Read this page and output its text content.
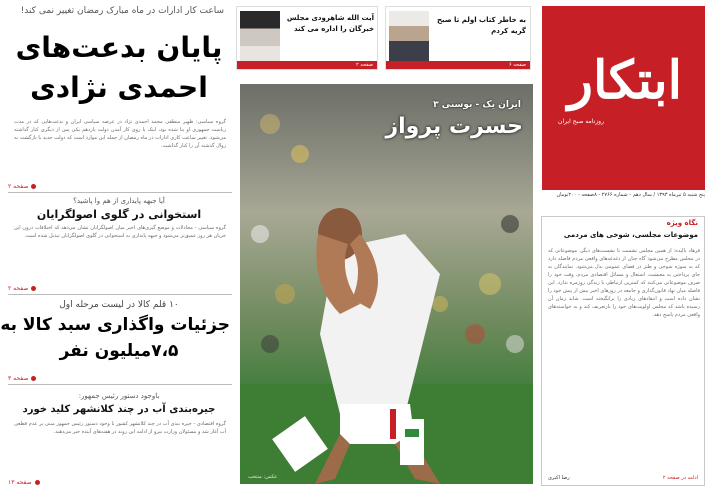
ساعت کار ادارات در ماه مبارک رمضان تغییر نمی کند!
آیت الله شاهرودی مجلس خبرگان را اداره می کند
صفحه ۲
به خاطر کتاب اولم تا صبح گریه کردم
صفحه ۶ ابتکار
روزنامه صبح ایران
پنج شنبه ۵ تیرماه ۱۳۹۳ / سال دهم - شماره ۲۷۶۶ - ۸صفحه - ۲۰۰تومان
پایان بدعت‌های احمدی نژادی
گروه سیاسی: ظهیر منطقی محمد احمدی نژاد در عرصه سیاسی ایران و بدعت‌هایی که در مدت ریاست جمهوری او بنا شده بود، اینک با روی کار آمدن دولت یازدهم یکی پس از دیگری کنار گذاشته می‌شود. تغییر ساعت کاری ادارات در ماه رمضان از جمله این موارد است که دولت جدید با بازگشت به روال گذشته آن را کنار گذاشت.
صفحه ۲
آیا جبهه پایداری از هم وا پاشید؟
استخوانی در گلوی اصولگرایان
گروه سیاسی - مجادلات و موضع گیری‌های اخیر میان اصولگرایان نشان می‌دهد که اختلافات درون این جریان هر روز عمیق‌تر می‌شود و جبهه پایداری به استخوانی در گلوی اصولگرایان تبدیل شده است.
صفحه ۲
۱۰ قلم کالا در لیست مرحله اول
جزئیات واگذاری سبد کالا به
۷،۵میلیون نفر
صفحه ۳
باوجود دستور رئیس جمهور:
جیره‌بندی آب در چند کلانشهر کلید خورد
گروه اقتصادی - جیره بندی آب در چند کلانشهر کشور با وجود دستور رئیس جمهور مبنی بر عدم قطعی آب آغاز شد و مسئولان وزارت نیرو از ادامه این روند در هفته‌های آینده خبر می‌دهند.
صفحه ۱۳
ایران یک - بوسنی ۳
حسرت پرواز
عکس: منتخب
نگاه ویژه
موضوعات مجلسی، شوخی های مردمی
فرهاد بالیده: از همین مجلس نشست تا نشست‌های دیگر، موضوعاتی که در مجلس مطرح می‌شود گاه چنان از دغدغه‌های واقعی مردم فاصله دارد که به سوژه شوخی و طنز در فضای عمومی بدل می‌شود. نمایندگان به جای پرداختن به معیشت، اشتغال و مسائل اقتصادی مردم، وقت خود را صرف موضوعاتی می‌کنند که کمترین ارتباطی با زندگی روزمره ندارد. این فاصله میان نهاد قانون‌گذاری و جامعه در روزهای اخیر بیش از پیش خود را نشان داده است و انتقادهای زیادی را برانگیخته است. شاید زمان آن رسیده باشد که مجلس اولویت‌های خود را بازتعریف کند و به خواسته‌های واقعی مردم پاسخ دهد.
رضا اکبری	ادامه در صفحه ۲
